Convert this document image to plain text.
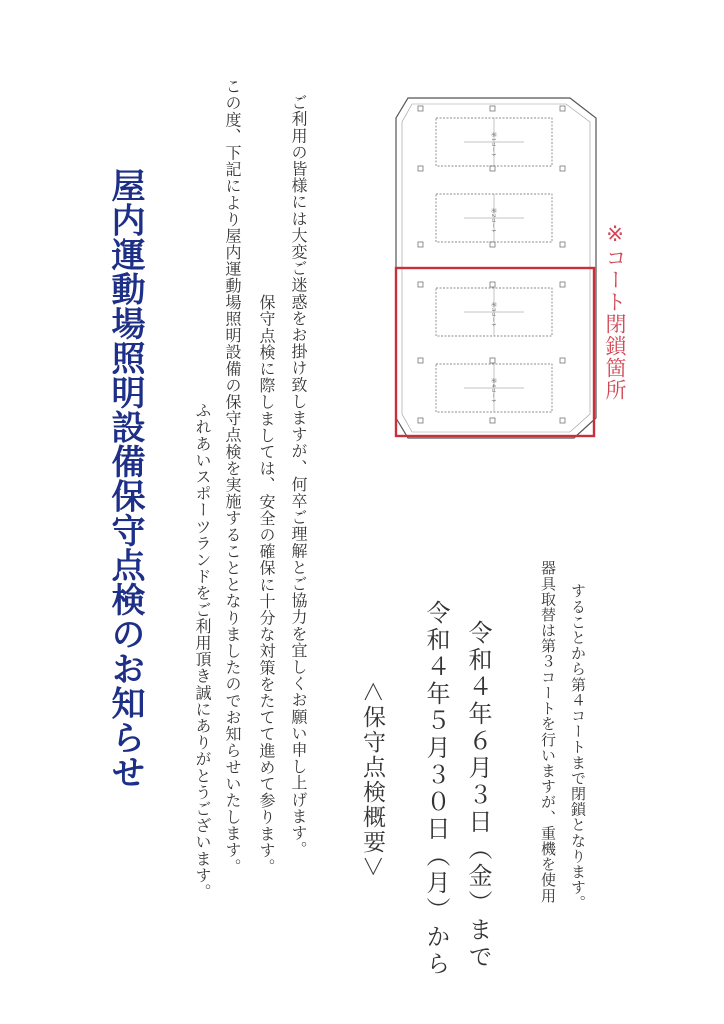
屋内運動場照明設備保守点検のお知らせ	ふれあいスポーツランドをご利用頂き誠にありがとうございます。 この度、下記により屋内運動場照明設備の保守点検を実施することとなりましたのでお知らせいたします。 保守点検に際しましては、安全の確保に十分な対策をたてて進めて参ります。 ご利用の皆様には大変ご迷惑をお掛け致しますが、何卒ご理解とご協力を宜しくお願い申し上げます。 ＜保守点検概要＞ 令和４年５月３０日（月）から 令和４年６月３日（金）まで	器具取替は第３コートを行いますが、重機を使用 することから第４コートまで閉鎖となります。
第１コート
第２コート
第３コート
第４コート	※コート閉鎖箇所
